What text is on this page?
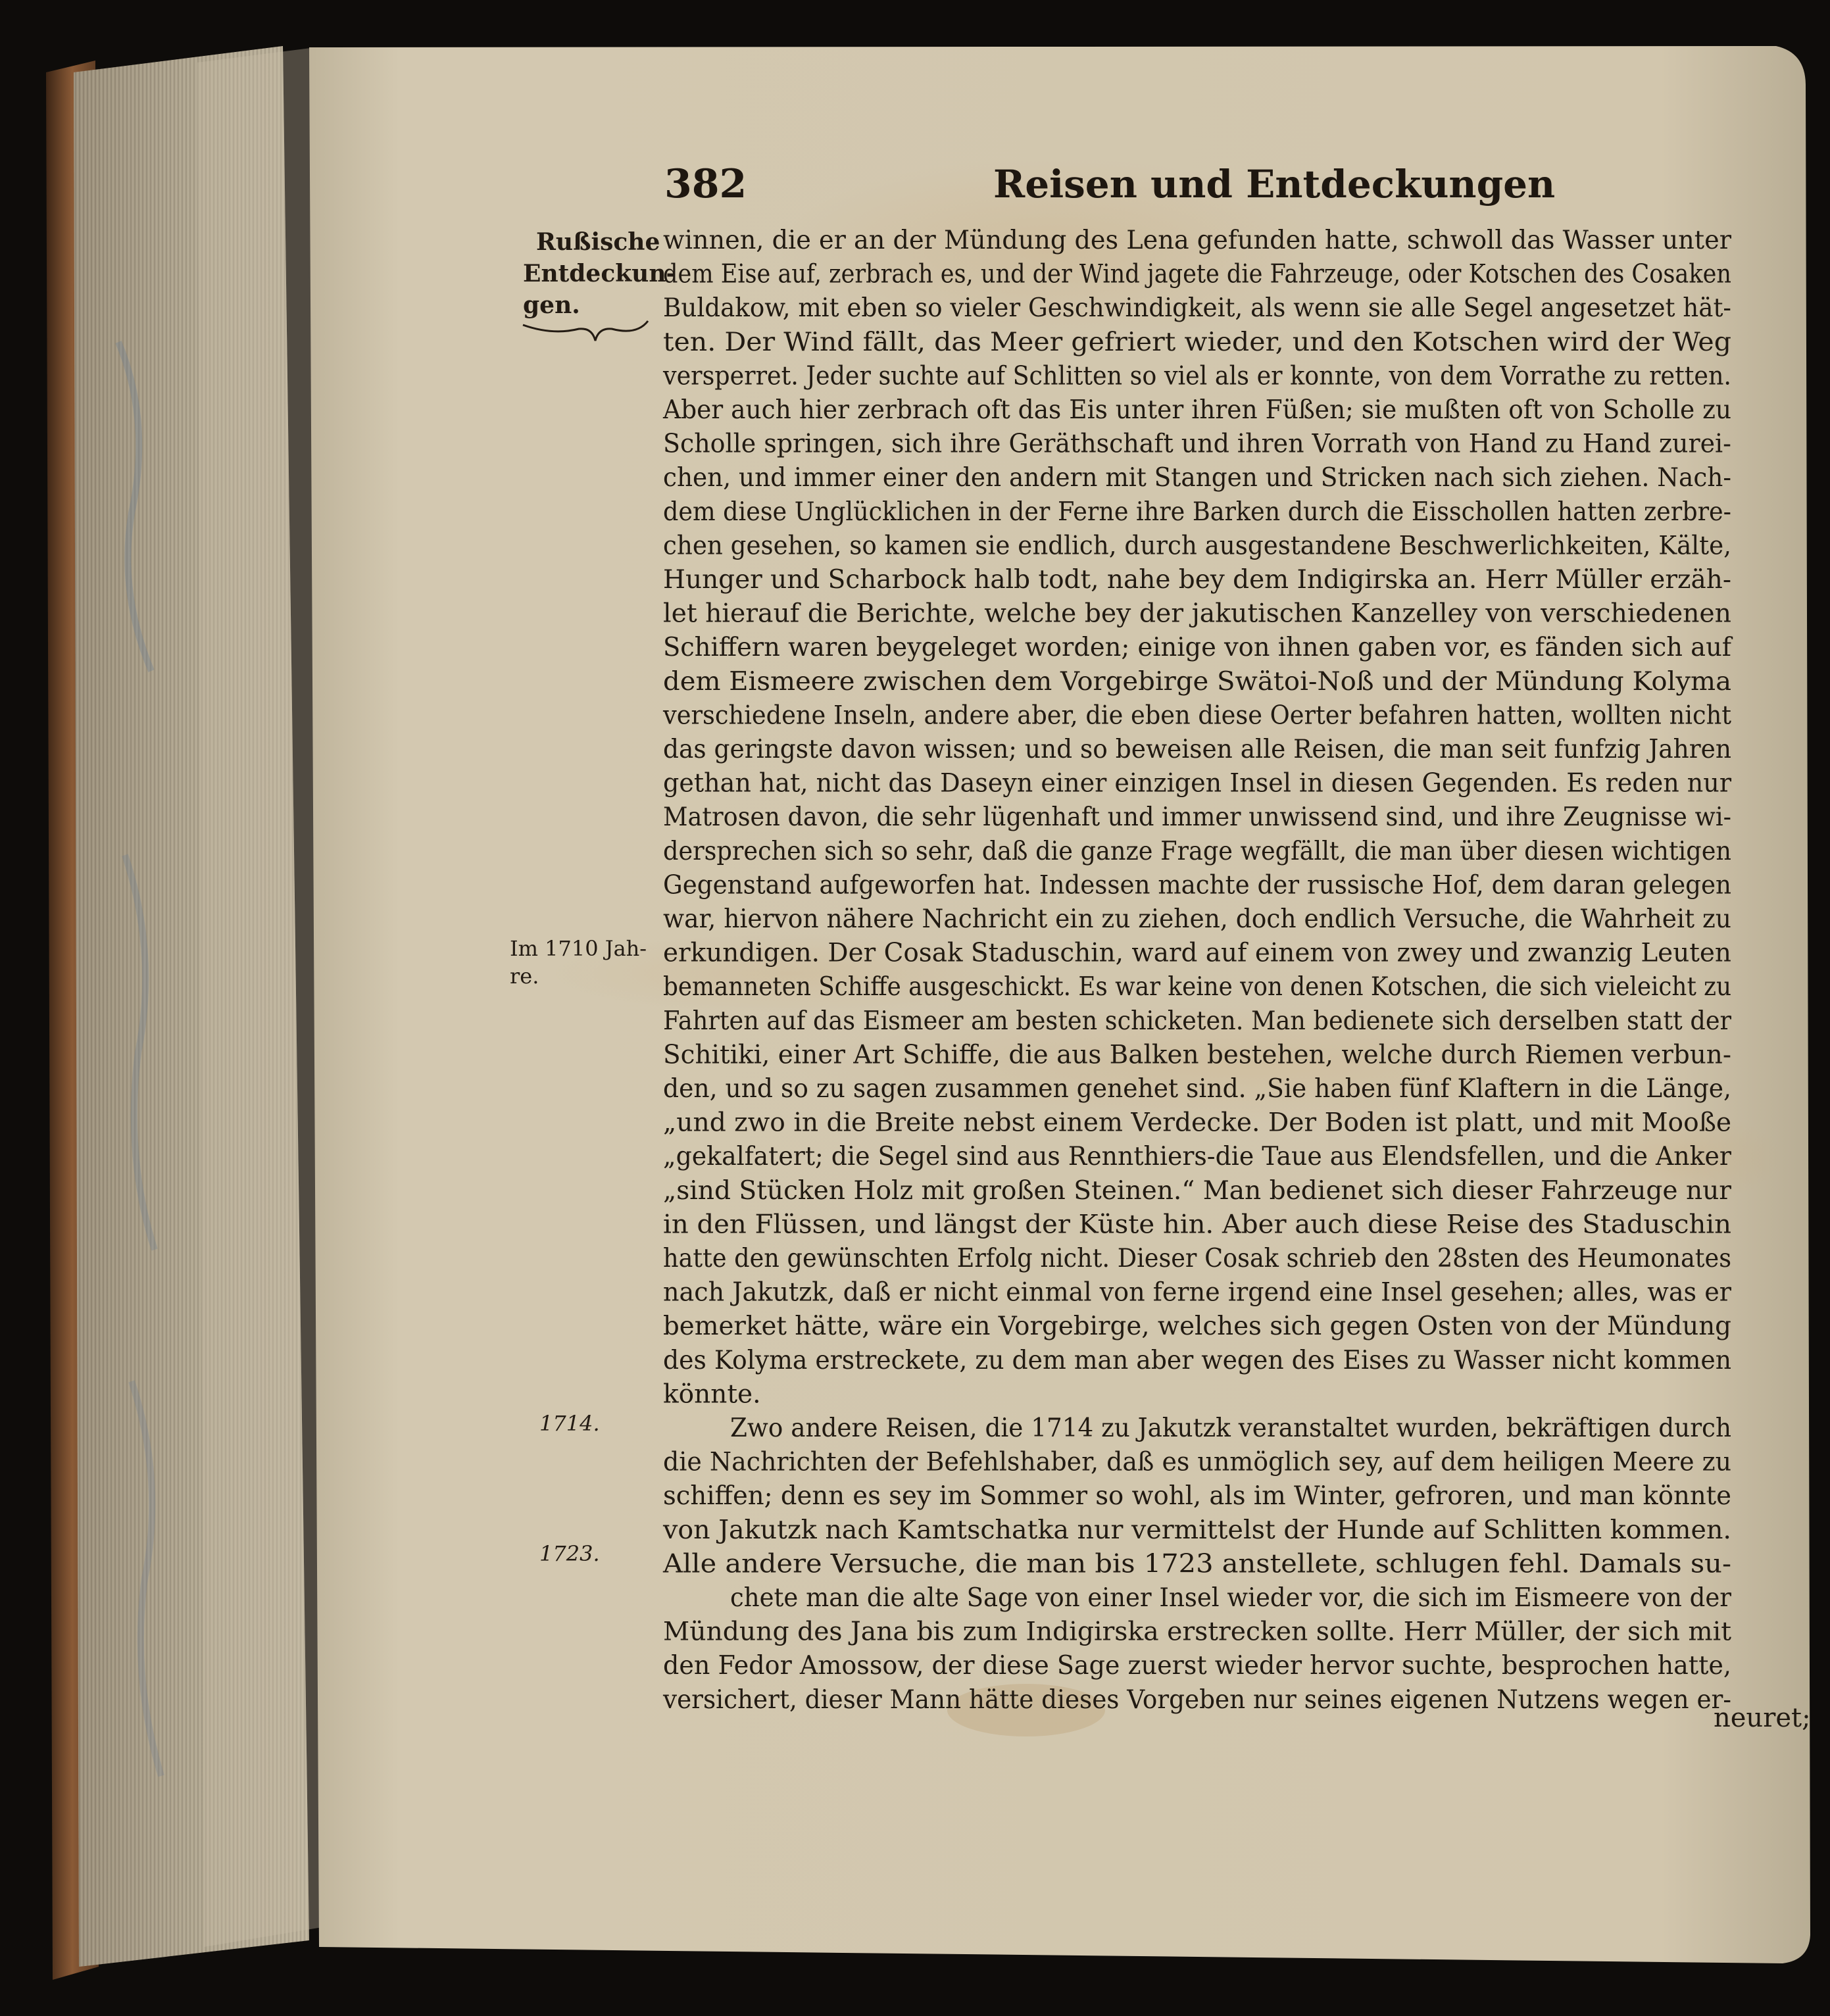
382	Reisen und Entdeckungen
Rußische
Entdeckun-
gen.
Im 1710 Jah-
re.
1714.
1723.
winnen, die er an der Mündung des Lena gefunden hatte, schwoll das Wasser unter
dem Eise auf, zerbrach es, und der Wind jagete die Fahrzeuge, oder Kotschen des Cosaken
Buldakow, mit eben so vieler Geschwindigkeit, als wenn sie alle Segel angesetzet hät-
ten. Der Wind fällt, das Meer gefriert wieder, und den Kotschen wird der Weg
versperret. Jeder suchte auf Schlitten so viel als er konnte, von dem Vorrathe zu retten.
Aber auch hier zerbrach oft das Eis unter ihren Füßen; sie mußten oft von Scholle zu
Scholle springen, sich ihre Geräthschaft und ihren Vorrath von Hand zu Hand zurei-
chen, und immer einer den andern mit Stangen und Stricken nach sich ziehen. Nach-
dem diese Unglücklichen in der Ferne ihre Barken durch die Eisschollen hatten zerbre-
chen gesehen, so kamen sie endlich, durch ausgestandene Beschwerlichkeiten, Kälte,
Hunger und Scharbock halb todt, nahe bey dem Indigirska an. Herr Müller erzäh-
let hierauf die Berichte, welche bey der jakutischen Kanzelley von verschiedenen
Schiffern waren beygeleget worden; einige von ihnen gaben vor, es fänden sich auf
dem Eismeere zwischen dem Vorgebirge Swätoi-Noß und der Mündung Kolyma
verschiedene Inseln, andere aber, die eben diese Oerter befahren hatten, wollten nicht
das geringste davon wissen; und so beweisen alle Reisen, die man seit funfzig Jahren
gethan hat, nicht das Daseyn einer einzigen Insel in diesen Gegenden. Es reden nur
Matrosen davon, die sehr lügenhaft und immer unwissend sind, und ihre Zeugnisse wi-
dersprechen sich so sehr, daß die ganze Frage wegfällt, die man über diesen wichtigen
Gegenstand aufgeworfen hat. Indessen machte der russische Hof, dem daran gelegen
war, hiervon nähere Nachricht ein zu ziehen, doch endlich Versuche, die Wahrheit zu
erkundigen. Der Cosak Staduschin, ward auf einem von zwey und zwanzig Leuten
bemanneten Schiffe ausgeschickt. Es war keine von denen Kotschen, die sich vieleicht zu
Fahrten auf das Eismeer am besten schicketen. Man bedienete sich derselben statt der
Schitiki, einer Art Schiffe, die aus Balken bestehen, welche durch Riemen verbun-
den, und so zu sagen zusammen genehet sind. „Sie haben fünf Klaftern in die Länge,
„und zwo in die Breite nebst einem Verdecke. Der Boden ist platt, und mit Mooße
„gekalfatert; die Segel sind aus Rennthiers-die Taue aus Elendsfellen, und die Anker
„sind Stücken Holz mit großen Steinen.“ Man bedienet sich dieser Fahrzeuge nur
in den Flüssen, und längst der Küste hin. Aber auch diese Reise des Staduschin
hatte den gewünschten Erfolg nicht. Dieser Cosak schrieb den 28sten des Heumonates
nach Jakutzk, daß er nicht einmal von ferne irgend eine Insel gesehen; alles, was er
bemerket hätte, wäre ein Vorgebirge, welches sich gegen Osten von der Mündung
des Kolyma erstreckete, zu dem man aber wegen des Eises zu Wasser nicht kommen
könnte.
Zwo andere Reisen, die 1714 zu Jakutzk veranstaltet wurden, bekräftigen durch
die Nachrichten der Befehlshaber, daß es unmöglich sey, auf dem heiligen Meere zu
schiffen; denn es sey im Sommer so wohl, als im Winter, gefroren, und man könnte
von Jakutzk nach Kamtschatka nur vermittelst der Hunde auf Schlitten kommen.
Alle andere Versuche, die man bis 1723 anstellete, schlugen fehl. Damals su-
chete man die alte Sage von einer Insel wieder vor, die sich im Eismeere von der
Mündung des Jana bis zum Indigirska erstrecken sollte. Herr Müller, der sich mit
den Fedor Amossow, der diese Sage zuerst wieder hervor suchte, besprochen hatte,
versichert, dieser Mann hätte dieses Vorgeben nur seines eigenen Nutzens wegen er-
neuret;
